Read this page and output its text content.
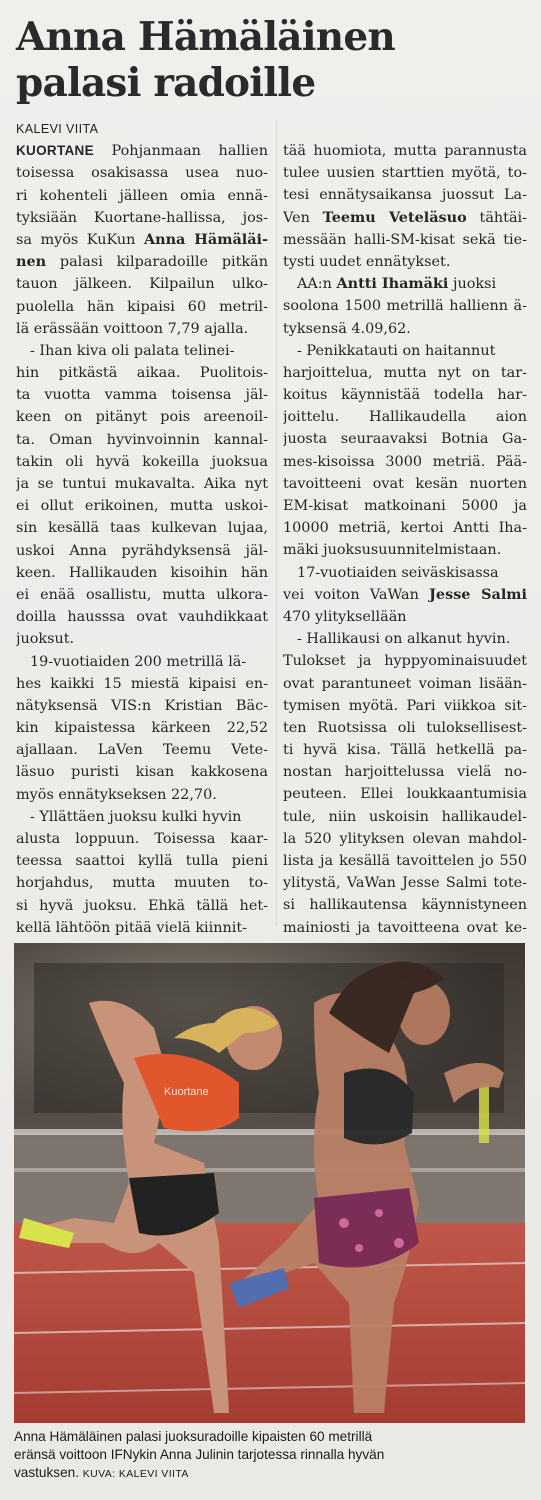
Anna Hämäläinen
palasi radoille
KALEVI VIITA
KUORTANE Pohjanmaan hallien
toisessa osakisassa usea nuo-
ri kohenteli jälleen omia ennä-
tyksiään Kuortane-hallissa, jos-
sa myös KuKun Anna Hämäläi-
nen palasi kilparadoille pitkän
tauon jälkeen. Kilpailun ulko-
puolella hän kipaisi 60 metril-
lä erässään voittoon 7,79 ajalla.
- Ihan kiva oli palata telinei-
hin pitkästä aikaa. Puolitois-
ta vuotta vamma toisensa jäl-
keen on pitänyt pois areenoil-
ta. Oman hyvinvoinnin kannal-
takin oli hyvä kokeilla juoksua
ja se tuntui mukavalta. Aika nyt
ei ollut erikoinen, mutta uskoi-
sin kesällä taas kulkevan lujaa,
uskoi Anna pyrähdyksensä jäl-
keen. Hallikauden kisoihin hän
ei enää osallistu, mutta ulkora-
doilla hausssa ovat vauhdikkaat
juoksut.
19-vuotiaiden 200 metrillä lä-
hes kaikki 15 miestä kipaisi en-
nätyksensä VIS:n Kristian Bäc-
kin kipaistessa kärkeen 22,52
ajallaan. LaVen Teemu Vete-
läsuo puristi kisan kakkosena
myös ennätykseksen 22,70.
- Yllättäen juoksu kulki hyvin
alusta loppuun. Toisessa kaar-
teessa saattoi kyllä tulla pieni
horjahdus, mutta muuten to-
si hyvä juoksu. Ehkä tällä het-
kellä lähtöön pitää vielä kiinnit-
tää huomiota, mutta parannusta
tulee uusien starttien myötä, to-
tesi ennätysaikansa juossut La-
Ven Teemu Veteläsuo tähtäi-
messään halli-SM-kisat sekä tie-
tysti uudet ennätykset.
AA:n Antti Ihamäki juoksi
soolona 1500 metrillä hallienn ä-
tyksensä 4.09,62.
- Penikkatauti on haitannut
harjoittelua, mutta nyt on tar-
koitus käynnistää todella har-
joittelu. Hallikaudella aion
juosta seuraavaksi Botnia Ga-
mes-kisoissa 3000 metriä. Pää-
tavoitteeni ovat kesän nuorten
EM-kisat matkoinani 5000 ja
10000 metriä, kertoi Antti Iha-
mäki juoksusuunnitelmistaan.
17-vuotiaiden seiväskisassa
vei voiton VaWan Jesse Salmi
470 ylityksellään
- Hallikausi on alkanut hyvin.
Tulokset ja hyppyominaisuudet
ovat parantuneet voiman lisään-
tymisen myötä. Pari viikkoa sit-
ten Ruotsissa oli tuloksellisest-
ti hyvä kisa. Tällä hetkellä pa-
nostan harjoittelussa vielä no-
peuteen. Ellei loukkaantumisia
tule, niin uskoisin hallikaudel-
la 520 ylityksen olevan mahdol-
lista ja kesällä tavoittelen jo 550
ylitystä, VaWan Jesse Salmi tote-
si hallikautensa käynnistyneen
mainiosti ja tavoitteena ovat ke-
Kuortane
Anna Hämäläinen palasi juoksuradoille kipaisten 60 metrillä
eränsä voittoon IFNykin Anna Julinin tarjotessa rinnalla hyvän
vastuksen. KUVA: KALEVI VIITA
